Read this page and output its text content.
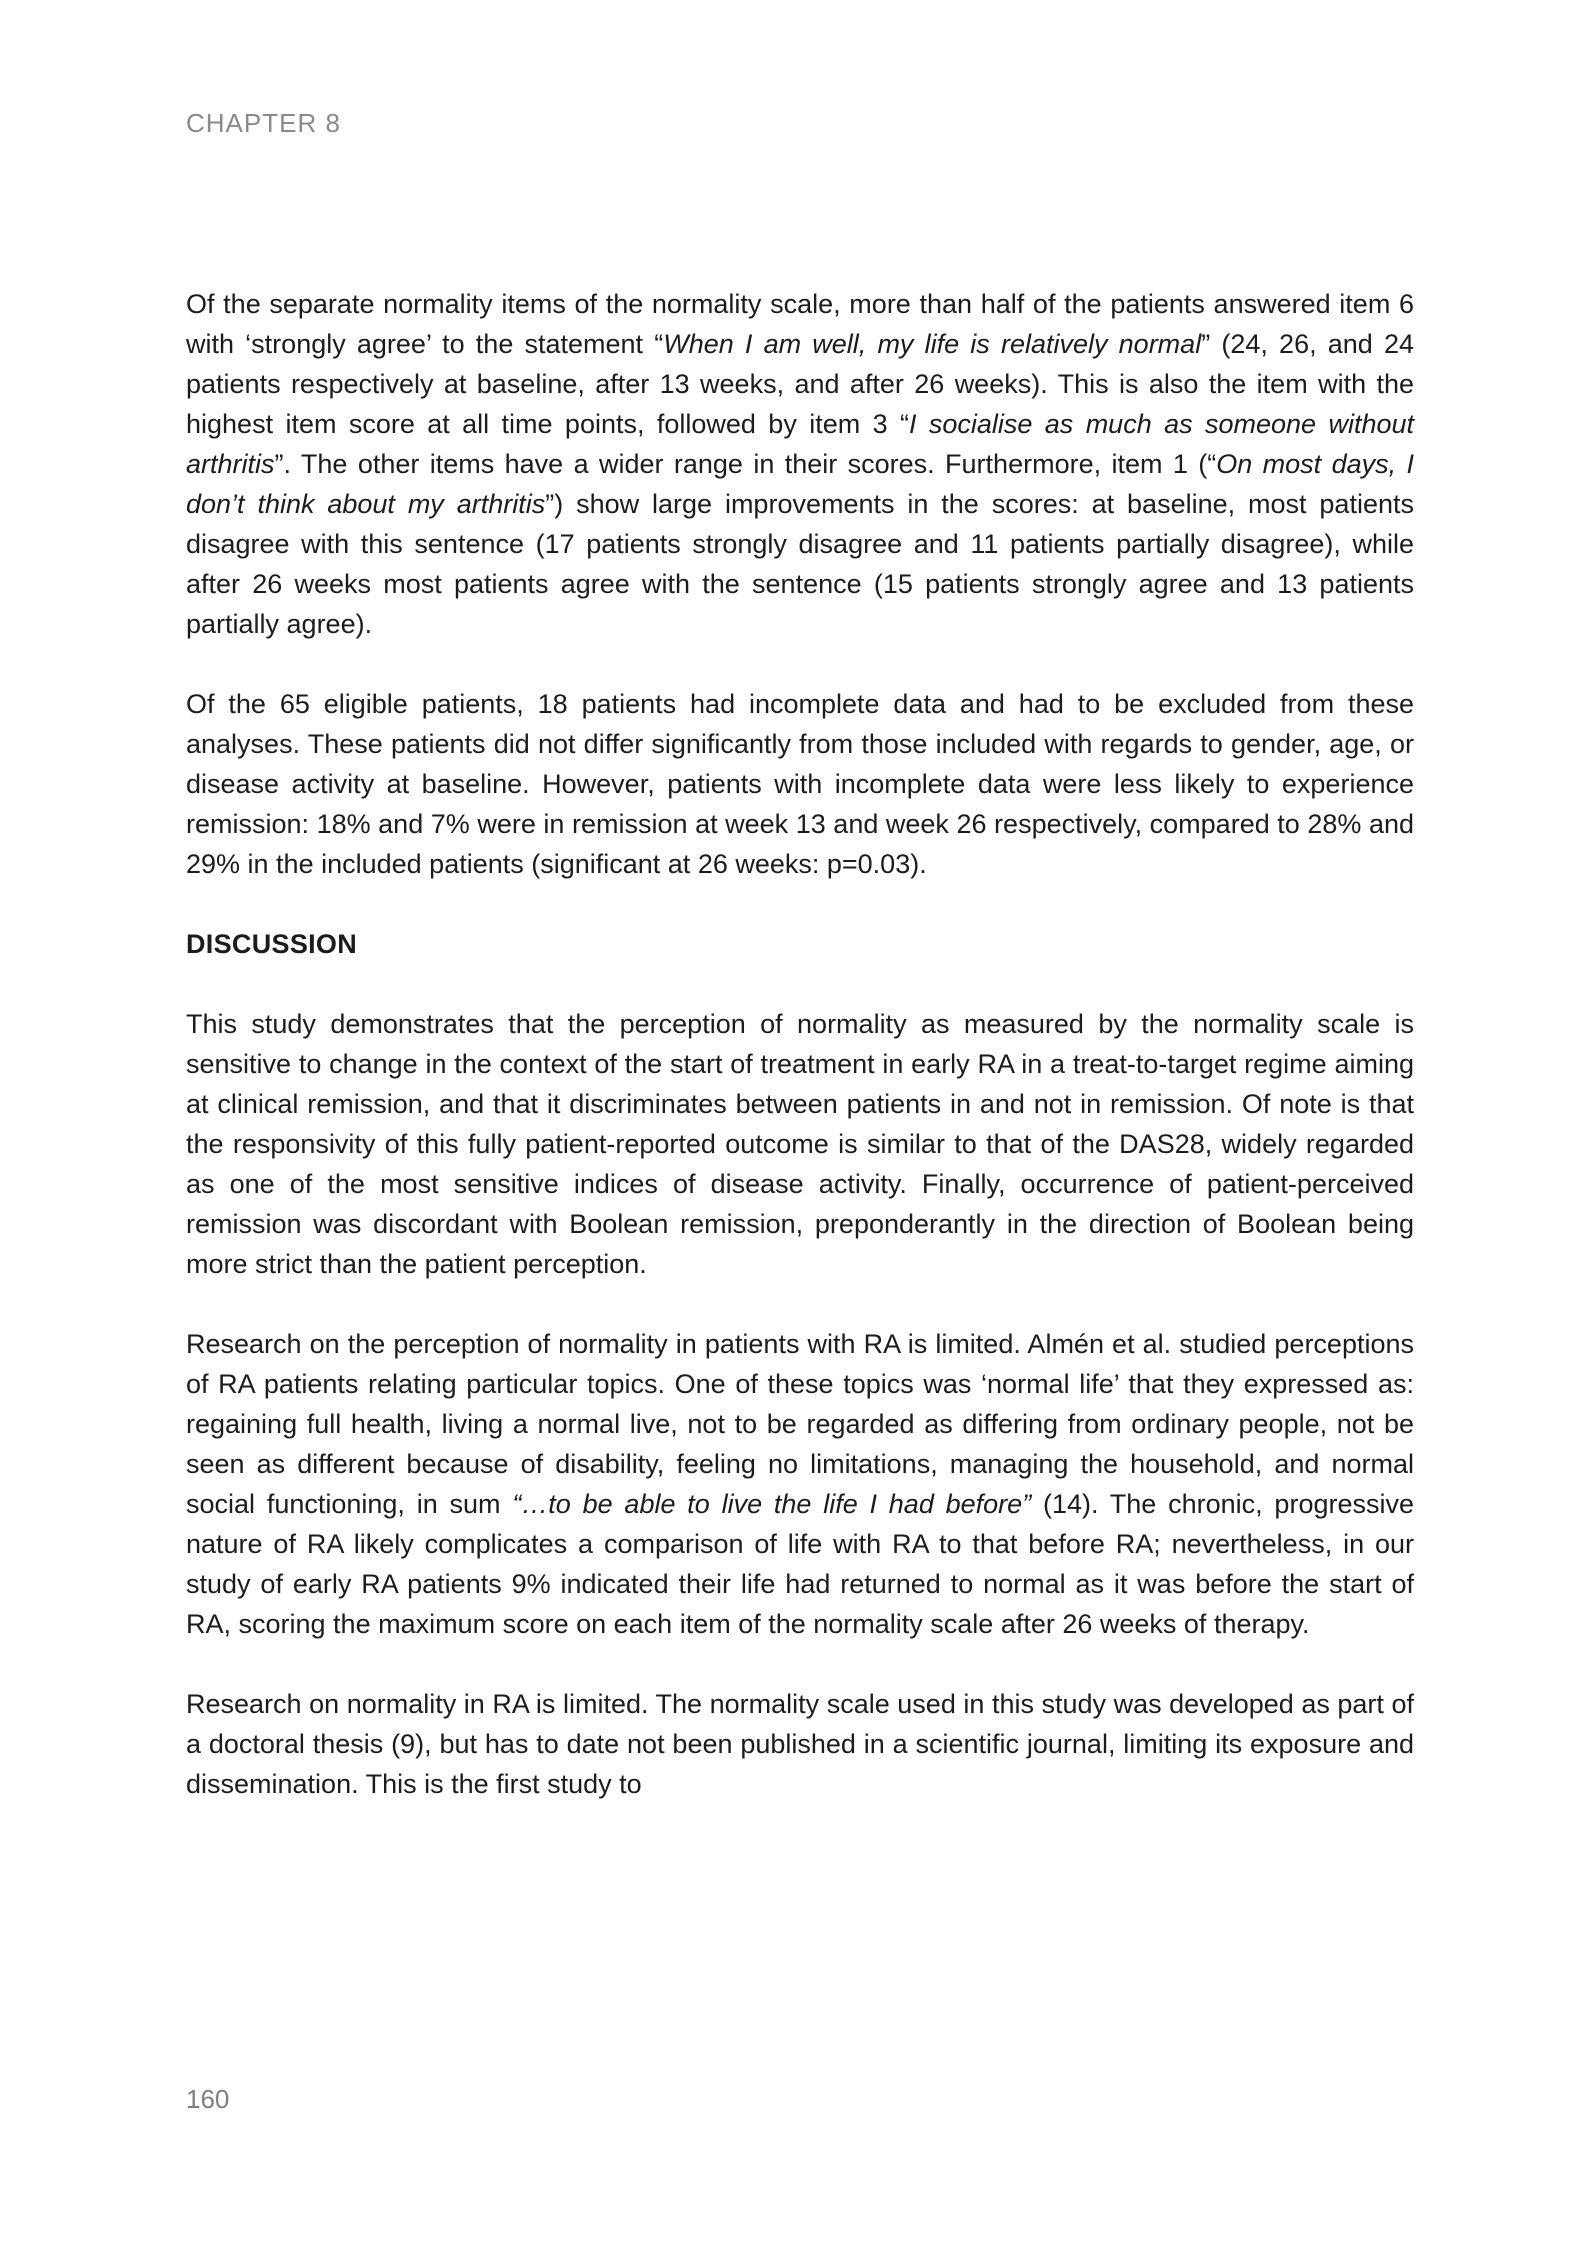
CHAPTER 8

Of the separate normality items of the normality scale, more than half of the patients answered item 6 with ‘strongly agree’ to the statement “When I am well, my life is relatively normal” (24, 26, and 24 patients respectively at baseline, after 13 weeks, and after 26 weeks). This is also the item with the highest item score at all time points, followed by item 3 “I socialise as much as someone without arthritis”. The other items have a wider range in their scores. Furthermore, item 1 (“On most days, I don’t think about my arthritis”) show large improvements in the scores: at baseline, most patients disagree with this sentence (17 patients strongly disagree and 11 patients partially disagree), while after 26 weeks most patients agree with the sentence (15 patients strongly agree and 13 patients partially agree).

Of the 65 eligible patients, 18 patients had incomplete data and had to be excluded from these analyses. These patients did not differ significantly from those included with regards to gender, age, or disease activity at baseline. However, patients with incomplete data were less likely to experience remission: 18% and 7% were in remission at week 13 and week 26 respectively, compared to 28% and 29% in the included patients (significant at 26 weeks: p=0.03).

DISCUSSION

This study demonstrates that the perception of normality as measured by the normality scale is sensitive to change in the context of the start of treatment in early RA in a treat-to-target regime aiming at clinical remission, and that it discriminates between patients in and not in remission. Of note is that the responsivity of this fully patient-reported outcome is similar to that of the DAS28, widely regarded as one of the most sensitive indices of disease activity. Finally, occurrence of patient-perceived remission was discordant with Boolean remission, preponderantly in the direction of Boolean being more strict than the patient perception.

Research on the perception of normality in patients with RA is limited. Almén et al. studied perceptions of RA patients relating particular topics. One of these topics was ‘normal life’ that they expressed as: regaining full health, living a normal live, not to be regarded as differing from ordinary people, not be seen as different because of disability, feeling no limitations, managing the household, and normal social functioning, in sum “…to be able to live the life I had before” (14). The chronic, progressive nature of RA likely complicates a comparison of life with RA to that before RA; nevertheless, in our study of early RA patients 9% indicated their life had returned to normal as it was before the start of RA, scoring the maximum score on each item of the normality scale after 26 weeks of therapy.

Research on normality in RA is limited. The normality scale used in this study was developed as part of a doctoral thesis (9), but has to date not been published in a scientific journal, limiting its exposure and dissemination. This is the first study to

160
